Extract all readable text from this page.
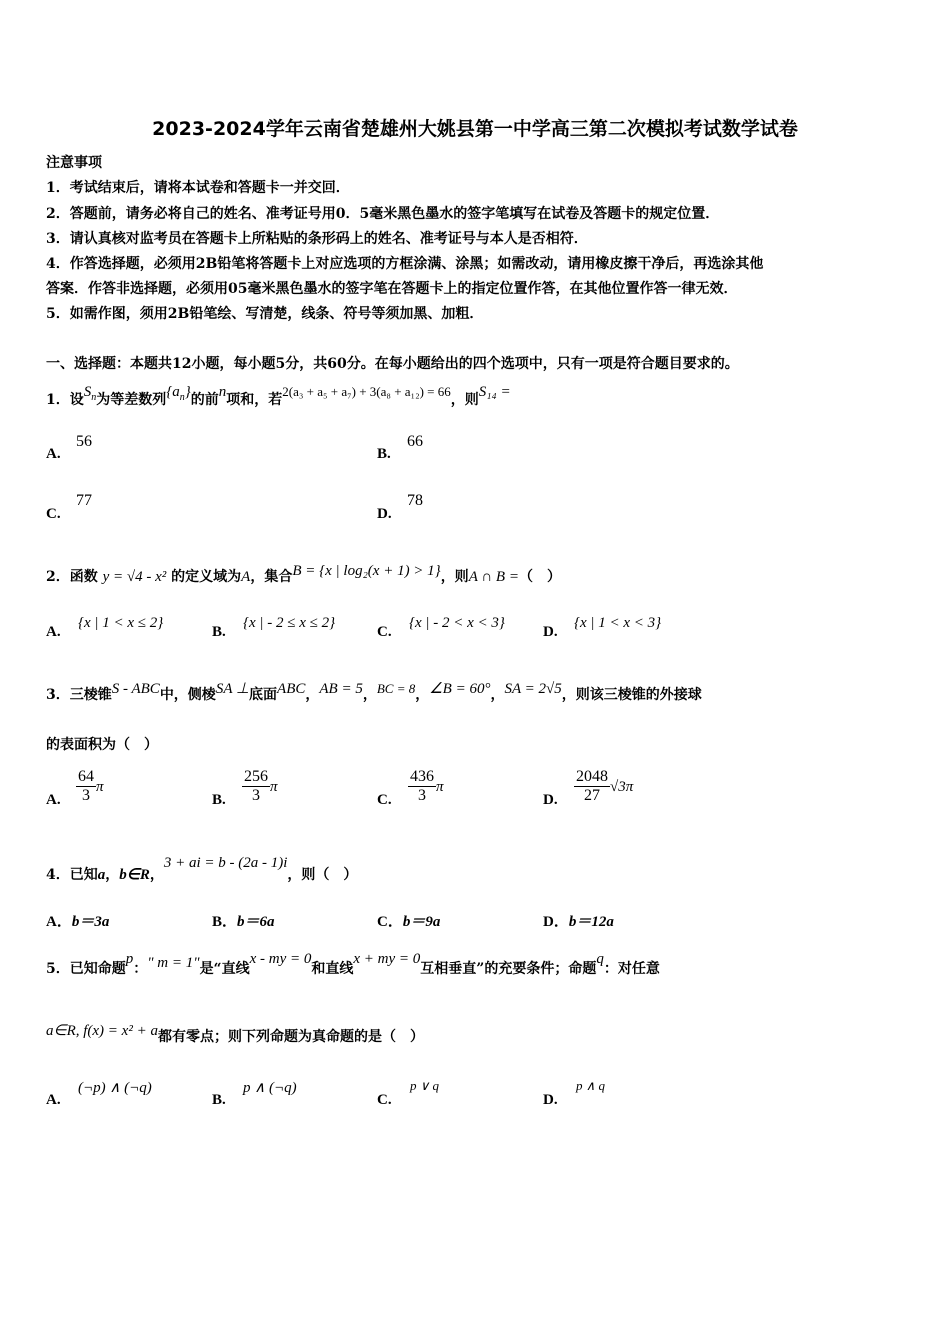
2023-2024学年云南省楚雄州大姚县第一中学高三第二次模拟考试数学试卷
注意事项
1．考试结束后，请将本试卷和答题卡一并交回．
2．答题前，请务必将自己的姓名、准考证号用0．5毫米黑色墨水的签字笔填写在试卷及答题卡的规定位置．
3．请认真核对监考员在答题卡上所粘贴的条形码上的姓名、准考证号与本人是否相符．
4．作答选择题，必须用2B铅笔将答题卡上对应选项的方框涂满、涂黑；如需改动，请用橡皮擦干净后，再选涂其他
答案．作答非选择题，必须用05毫米黑色墨水的签字笔在答题卡上的指定位置作答，在其他位置作答一律无效．
5．如需作图，须用2B铅笔绘、写清楚，线条、符号等须加黑、加粗．
一、选择题：本题共12小题，每小题5分，共60分。在每小题给出的四个选项中，只有一项是符合题目要求的。
1．设$S_n$为等差数列$\{a_n\}$的前n项和，若2(a₃ + a₅ + a₇) + 3(a₈ + a₁₂) = 66，则S₁₄ =
A.
56
B.
66
C.
77
D.
78
2．函数 y = √4 - x² 的定义域为A，集合B = {x | log₂(x + 1) > 1}，则A ∩ B =（　）
A.
{x | 1 < x ≤ 2}
B.
{x | - 2 ≤ x ≤ 2}
C.
{x | - 2 < x < 3}
D.
{x | 1 < x < 3}
3．三棱锥S - ABC中，侧棱SA ⊥底面ABC，AB = 5，BC = 8，∠B = 60°，SA = 2√5，则该三棱锥的外接球
的表面积为（　）
A. $\frac{64}{3}$ π
B. $\frac{256}{3}$ π
C. $\frac{436}{3}$ π
D. $\frac{2048}{27} √3\pi$
4．已知a，b∈R，3 + ai = b - (2a - 1)i，则（　）
A．b＝3a	B．b＝6a	C．b＝9a	D．b＝12a
5．已知命题p：" m = 1"是“直线x - my = 0和直线x + my = 0互相垂直”的充要条件；命题q：对任意
a∈R, f(x) = x² + a都有零点；则下列命题为真命题的是（　）
A.
(¬p) ∧ (¬q)
B.
p ∧ (¬q)
C.
p ∨ q
D.
p ∧ q
